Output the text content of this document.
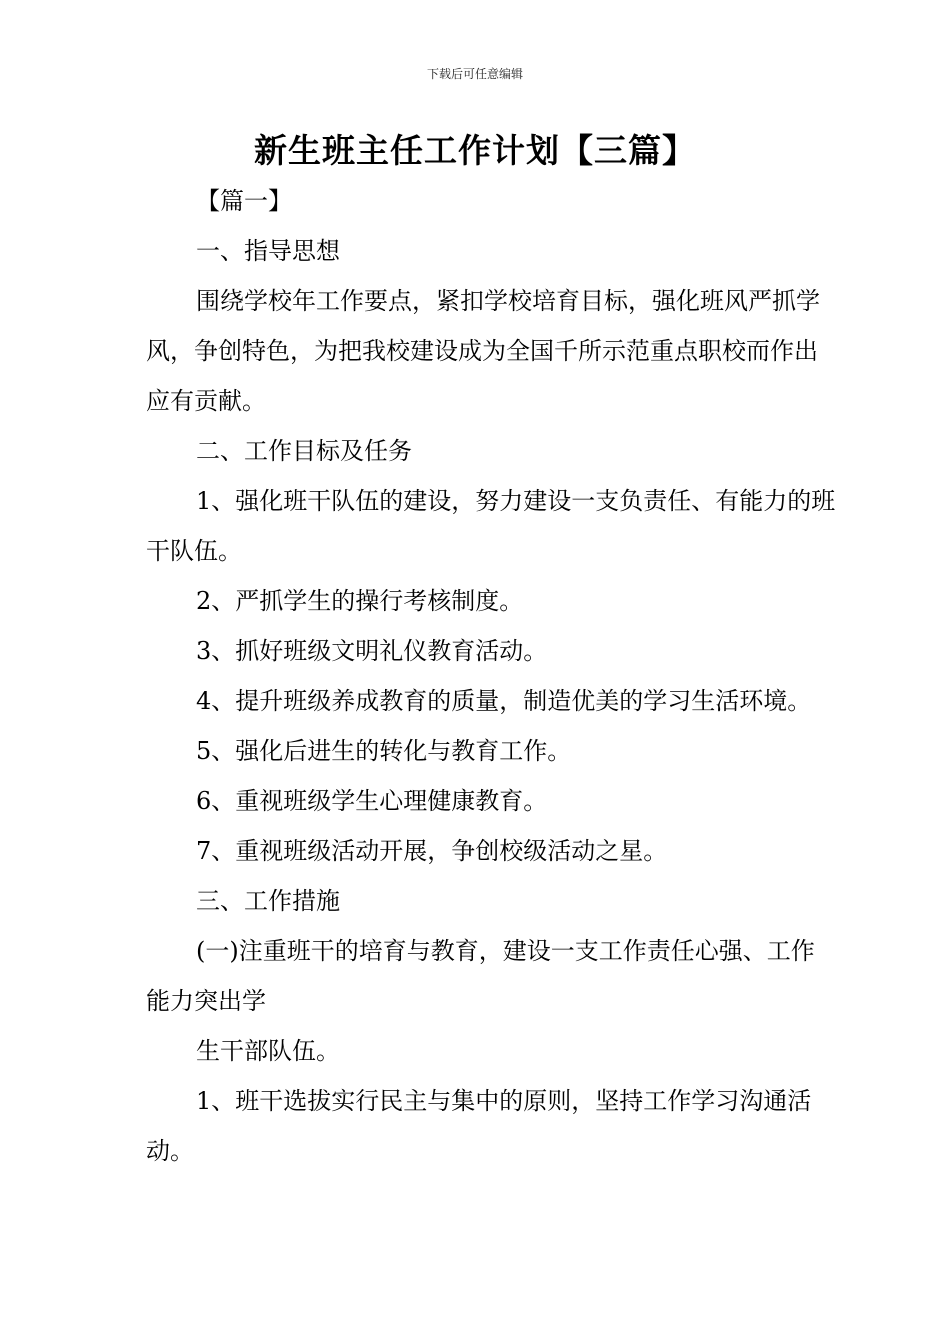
下载后可任意编辑
新生班主任工作计划【三篇】

【篇一】

一、指导思想

围绕学校年工作要点，紧扣学校培育目标，强化班风严抓学风，争创特色，为把我校建设成为全国千所示范重点职校而作出应有贡献。

二、工作目标及任务

1、强化班干队伍的建设，努力建设一支负责任、有能力的班干队伍。

2、严抓学生的操行考核制度。

3、抓好班级文明礼仪教育活动。

4、提升班级养成教育的质量，制造优美的学习生活环境。

5、强化后进生的转化与教育工作。

6、重视班级学生心理健康教育。

7、重视班级活动开展，争创校级活动之星。

三、工作措施

(一)注重班干的培育与教育，建设一支工作责任心强、工作能力突出学

生干部队伍。

1、班干选拔实行民主与集中的原则，坚持工作学习沟通活动。
